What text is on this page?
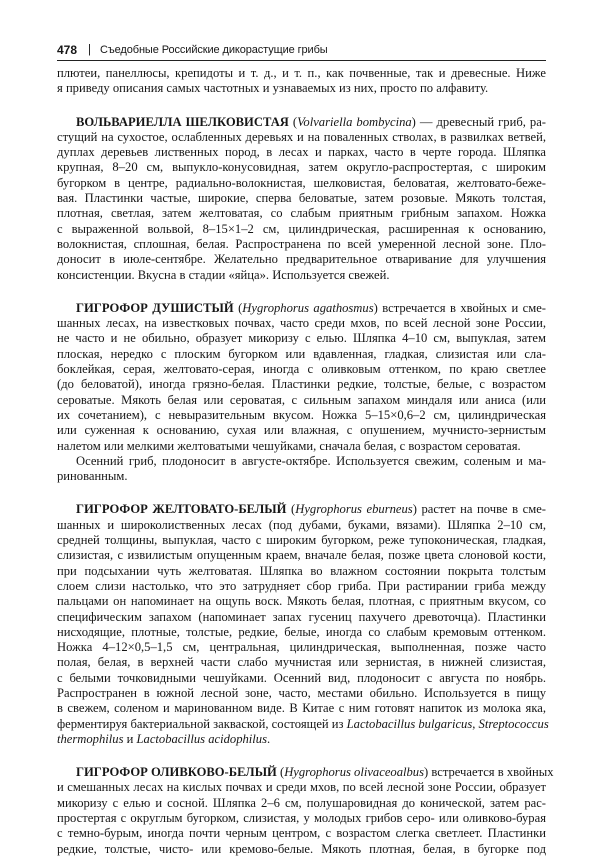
478 | Съедобные Российские дикорастущие грибы
плютеи, панеллюсы, крепидоты и т. д., и т. п., как почвенные, так и древесные. Ниже
я приведу описания самых частотных и узнаваемых из них, просто по алфавиту.
ВОЛЬВАРИЕЛЛА ШЕЛКОВИСТАЯ (Volvariella bombycina) — древесный гриб, ра-
стущий на сухостое, ослабленных деревьях и на поваленных стволах, в развилках ветвей,
дуплах деревьев лиственных пород, в лесах и парках, часто в черте города. Шляпка
крупная, 8–20 см, выпукло-конусовидная, затем округло-распростертая, с широким
бугорком в центре, радиально-волокнистая, шелковистая, беловатая, желтовато-беже-
вая. Пластинки частые, широкие, сперва беловатые, затем розовые. Мякоть толстая,
плотная, светлая, затем желтоватая, со слабым приятным грибным запахом. Ножка
с выраженной вольвой, 8–15×1–2 см, цилиндрическая, расширенная к основанию,
волокнистая, сплошная, белая. Распространена по всей умеренной лесной зоне. Пло-
доносит в июле-сентябре. Желательно предварительное отваривание для улучшения
консистенции. Вкусна в стадии «яйца». Используется свежей.
ГИГРОФОР ДУШИСТЫЙ (Hygrophorus agathosmus) встречается в хвойных и сме-
шанных лесах, на известковых почвах, часто среди мхов, по всей лесной зоне России,
не часто и не обильно, образует микоризу с елью. Шляпка 4–10 см, выпуклая, затем
плоская, нередко с плоским бугорком или вдавленная, гладкая, слизистая или сла-
боклейкая, серая, желтовато-серая, иногда с оливковым оттенком, по краю светлее
(до беловатой), иногда грязно-белая. Пластинки редкие, толстые, белые, с возрастом
сероватые. Мякоть белая или сероватая, с сильным запахом миндаля или аниса (или
их сочетанием), с невыразительным вкусом. Ножка 5–15×0,6–2 см, цилиндрическая
или суженная к основанию, сухая или влажная, с опушением, мучнисто-зернистым
налетом или мелкими желтоватыми чешуйками, сначала белая, с возрастом сероватая.
Осенний гриб, плодоносит в августе-октябре. Используется свежим, соленым и ма-
ринованным.
ГИГРОФОР ЖЕЛТОВАТО-БЕЛЫЙ (Hygrophorus eburneus) растет на почве в сме-
шанных и широколиственных лесах (под дубами, буками, вязами). Шляпка 2–10 см,
средней толщины, выпуклая, часто с широким бугорком, реже тупоконическая, гладкая,
слизистая, с извилистым опущенным краем, вначале белая, позже цвета слоновой кости,
при подсыхании чуть желтоватая. Шляпка во влажном состоянии покрыта толстым
слоем слизи настолько, что это затрудняет сбор гриба. При растирании гриба между
пальцами он напоминает на ощупь воск. Мякоть белая, плотная, с приятным вкусом, со
специфическим запахом (напоминает запах гусениц пахучего древоточца). Пластинки
нисходящие, плотные, толстые, редкие, белые, иногда со слабым кремовым оттенком.
Ножка 4–12×0,5–1,5 см, центральная, цилиндрическая, выполненная, позже часто
полая, белая, в верхней части слабо мучнистая или зернистая, в нижней слизистая,
с белыми точковидными чешуйками. Осенний вид, плодоносит с августа по ноябрь.
Распространен в южной лесной зоне, часто, местами обильно. Используется в пищу
в свежем, соленом и маринованном виде. В Китае с ним готовят напиток из молока яка,
ферментируя бактериальной закваской, состоящей из Lactobacillus bulgaricus, Streptococcus
thermophilus и Lactobacillus acidophilus.
ГИГРОФОР ОЛИВКОВО-БЕЛЫЙ (Hygrophorus olivaceoalbus) встречается в хвойных
и смешанных лесах на кислых почвах и среди мхов, по всей лесной зоне России, образует
микоризу с елью и сосной. Шляпка 2–6 см, полушаровидная до конической, затем рас-
простертая с округлым бугорком, слизистая, у молодых грибов серо- или оливково-бурая
с темно-бурым, иногда почти черным центром, с возрастом слегка светлеет. Пластинки
редкие, толстые, чисто- или кремово-белые. Мякоть плотная, белая, в бугорке под
